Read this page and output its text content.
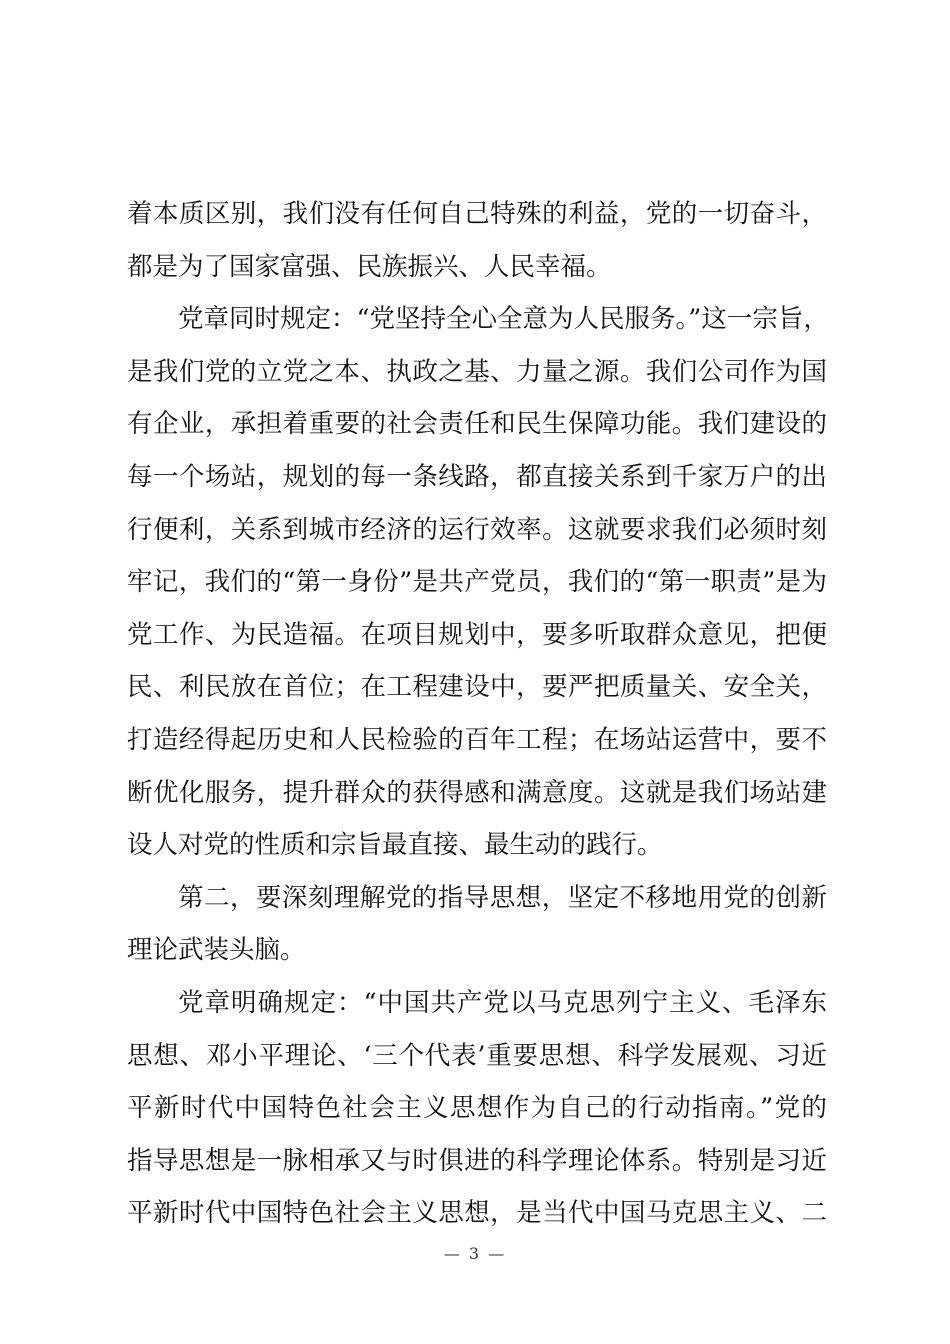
着本质区别，我们没有任何自己特殊的利益，党的一切奋斗，
都是为了国家富强、民族振兴、人民幸福。
党章同时规定：“党坚持全心全意为人民服务。”这一宗旨，
是我们党的立党之本、执政之基、力量之源。我们公司作为国
有企业，承担着重要的社会责任和民生保障功能。我们建设的
每一个场站，规划的每一条线路，都直接关系到千家万户的出
行便利，关系到城市经济的运行效率。这就要求我们必须时刻
牢记，我们的“第一身份”是共产党员，我们的“第一职责”是为
党工作、为民造福。在项目规划中，要多听取群众意见，把便
民、利民放在首位；在工程建设中，要严把质量关、安全关，
打造经得起历史和人民检验的百年工程；在场站运营中，要不
断优化服务，提升群众的获得感和满意度。这就是我们场站建
设人对党的性质和宗旨最直接、最生动的践行。
第二，要深刻理解党的指导思想，坚定不移地用党的创新
理论武装头脑。
党章明确规定：“中国共产党以马克思列宁主义、毛泽东
思想、邓小平理论、‘三个代表’重要思想、科学发展观、习近
平新时代中国特色社会主义思想作为自己的行动指南。”党的
指导思想是一脉相承又与时俱进的科学理论体系。特别是习近
平新时代中国特色社会主义思想，是当代中国马克思主义、二
— 3 —
